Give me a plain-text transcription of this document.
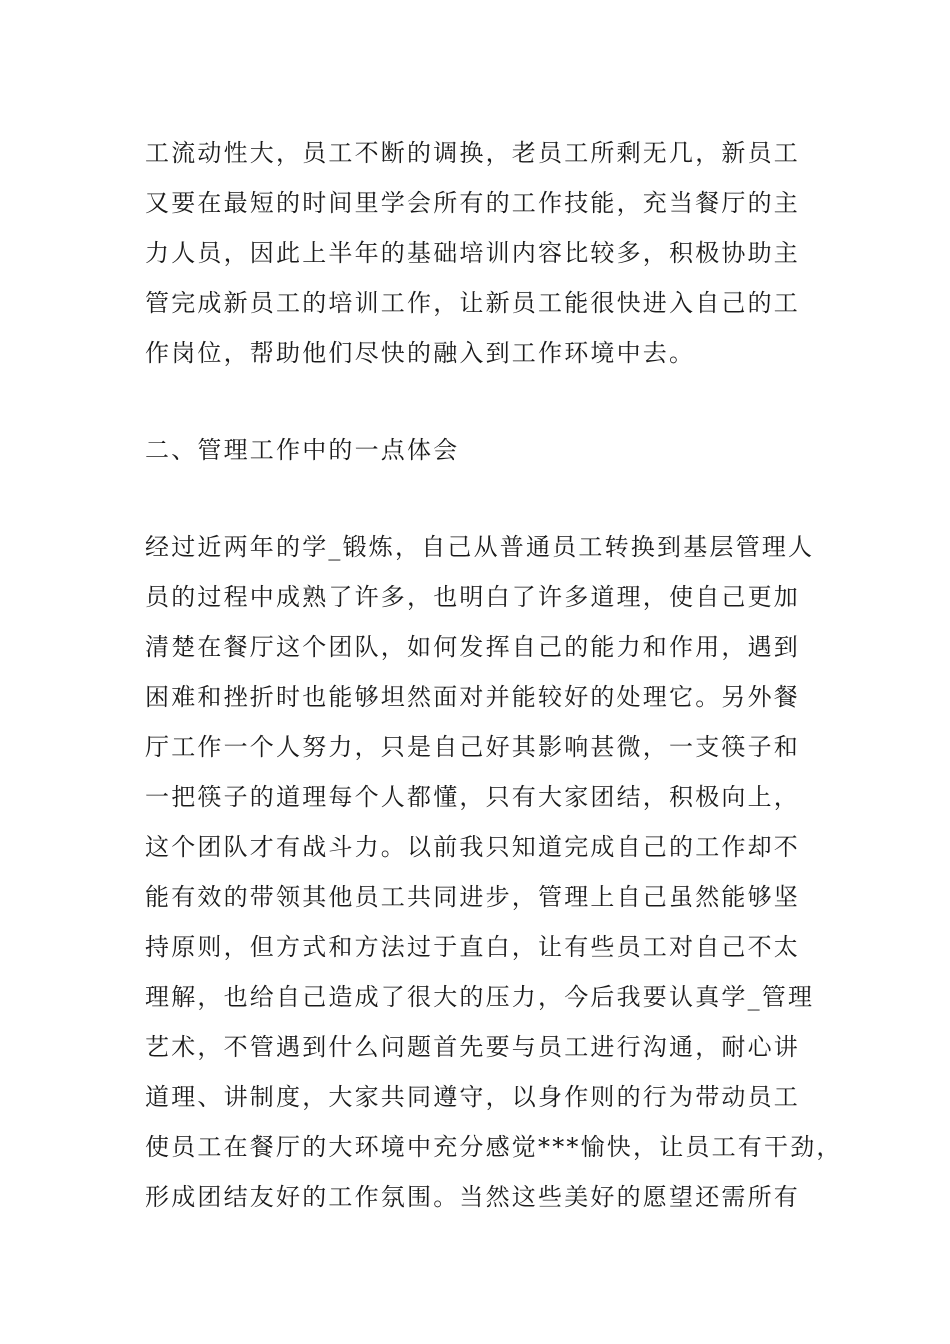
工流动性大，员工不断的调换，老员工所剩无几，新员工
又要在最短的时间里学会所有的工作技能，充当餐厅的主
力人员，因此上半年的基础培训内容比较多，积极协助主
管完成新员工的培训工作，让新员工能很快进入自己的工
作岗位，帮助他们尽快的融入到工作环境中去。
二、管理工作中的一点体会
经过近两年的学_锻炼，自己从普通员工转换到基层管理人
员的过程中成熟了许多，也明白了许多道理，使自己更加
清楚在餐厅这个团队，如何发挥自己的能力和作用，遇到
困难和挫折时也能够坦然面对并能较好的处理它。另外餐
厅工作一个人努力，只是自己好其影响甚微，一支筷子和
一把筷子的道理每个人都懂，只有大家团结，积极向上，
这个团队才有战斗力。以前我只知道完成自己的工作却不
能有效的带领其他员工共同进步，管理上自己虽然能够坚
持原则，但方式和方法过于直白，让有些员工对自己不太
理解，也给自己造成了很大的压力，今后我要认真学_管理
艺术，不管遇到什么问题首先要与员工进行沟通，耐心讲
道理、讲制度，大家共同遵守，以身作则的行为带动员工
使员工在餐厅的大环境中充分感觉***愉快，让员工有干劲，
形成团结友好的工作氛围。当然这些美好的愿望还需所有
